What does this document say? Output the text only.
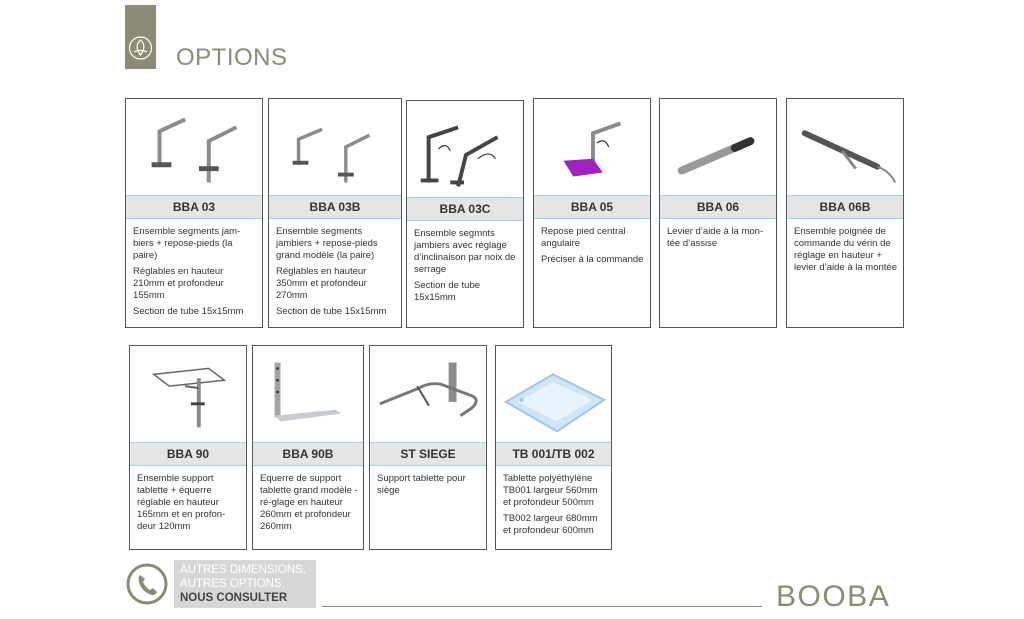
OPTIONS
BBA 03

Ensemble segments jam-biers + repose-pieds (la paire)

Réglables en hauteur 210mm et profondeur 155mm

Section de tube 15x15mm

BBA 03B

Ensemble segments jambiers + repose-pieds grand modèle (la paire)

Réglables en hauteur 350mm et profondeur 270mm

Section de tube 15x15mm

BBA 03C

Ensemble segmnts jambiers avec réglage d’inclinaison par noix de serrage

Section de tube 15x15mm

BBA 05

Repose pied central angulaire

Préciser à la commande

BBA 06

Levier d’aide à la mon-tée d’assise

BBA 06B

Ensemble poignée de commande du vérin de réglage en hauteur + levier d’aide à la montée

BBA 90

Ensemble support tablette + équerre réglable en hauteur 165mm et en profon-deur 120mm

BBA 90B

Equerre de support tablette grand modèle -ré-glage en hauteur 260mm et profondeur 260mm

ST SIEGE

Support tablette pour siège

TB 001/TB 002

Tablette polyéthylène TB001 largeur 560mm et profondeur 500mm

TB002 largeur 680mm et profondeur 600mm

AUTRES DIMENSIONS,
AUTRES OPTIONS,
NOUS CONSULTER	BOOBA
